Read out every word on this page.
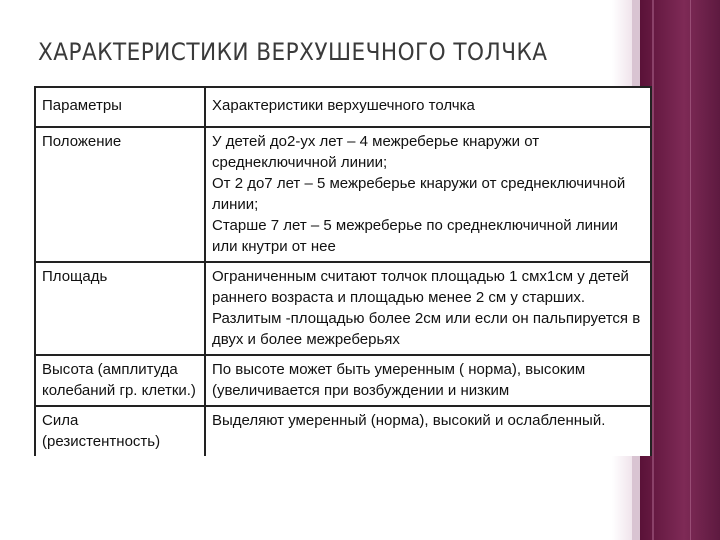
ХАРАКТЕРИСТИКИ ВЕРХУШЕЧНОГО ТОЛЧКА
Параметры	Характеристики верхушечного толчка
Положение	У детей до2-ух лет – 4 межреберье кнаружи от среднеключичной линии;
От 2 до7 лет – 5 межреберье кнаружи от среднеключичной линии;
Старше 7 лет – 5 межреберье по среднеключичной линии или кнутри от нее

Площадь	Ограниченным считают толчок площадью 1 смх1см у детей раннего возраста и площадью менее 2 см у старших. Разлитым -площадью более 2см или если он пальпируется в двух и более межреберьях

Высота (амплитуда колебаний гр. клетки.)	По высоте может быть умеренным ( норма), высоким (увеличивается при возбуждении и низким

Сила (резистентность)	Выделяют умеренный (норма), высокий и ослабленный.
